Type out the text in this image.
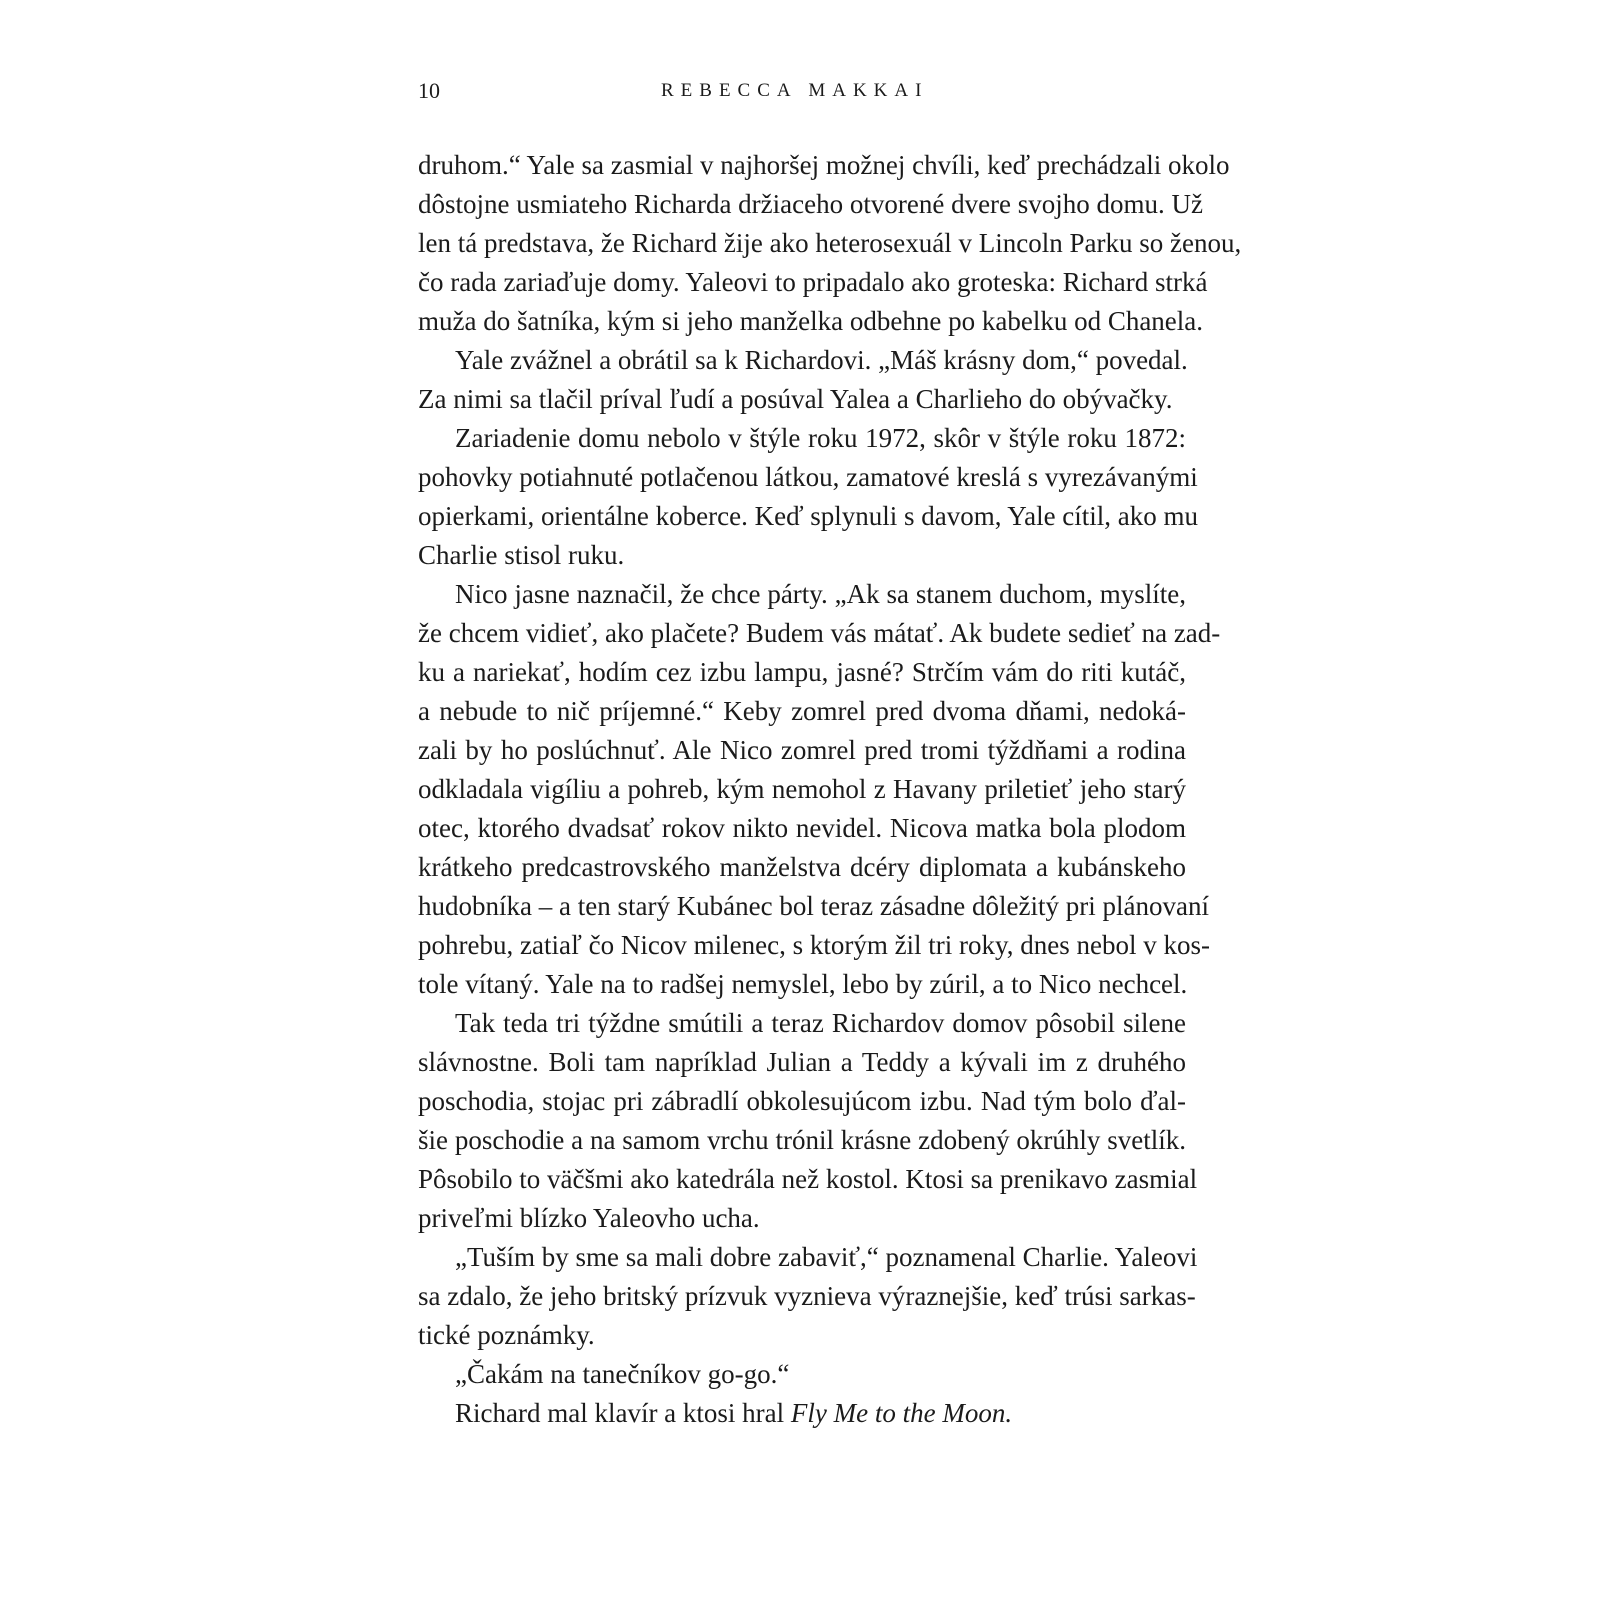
10	REBECCA MAKKAI
druhom.“ Yale sa zasmial v najhoršej možnej chvíli, keď prechádzali okolo
dôstojne usmiateho Richarda držiaceho otvorené dvere svojho domu. Už
len tá predstava, že Richard žije ako heterosexuál v Lincoln Parku so ženou,
čo rada zariaďuje domy. Yaleovi to pripadalo ako groteska: Richard strká
muža do šatníka, kým si jeho manželka odbehne po kabelku od Chanela.
Yale zvážnel a obrátil sa k Richardovi. „Máš krásny dom,“ povedal.
Za nimi sa tlačil príval ľudí a posúval Yalea a Charlieho do obývačky.
Zariadenie domu nebolo v štýle roku 1972, skôr v štýle roku 1872:
pohovky potiahnuté potlačenou látkou, zamatové kreslá s vyrezávanými
opierkami, orientálne koberce. Keď splynuli s davom, Yale cítil, ako mu
Charlie stisol ruku.
Nico jasne naznačil, že chce párty. „Ak sa stanem duchom, myslíte,
že chcem vidieť, ako plačete? Budem vás mátať. Ak budete sedieť na zad-
ku a nariekať, hodím cez izbu lampu, jasné? Strčím vám do riti kutáč,
a nebude to nič príjemné.“ Keby zomrel pred dvoma dňami, nedoká-
zali by ho poslúchnuť. Ale Nico zomrel pred tromi týždňami a rodina
odkladala vigíliu a pohreb, kým nemohol z Havany priletieť jeho starý
otec, ktorého dvadsať rokov nikto nevidel. Nicova matka bola plodom
krátkeho predcastrovského manželstva dcéry diplomata a kubánskeho
hudobníka – a ten starý Kubánec bol teraz zásadne dôležitý pri plánovaní
pohrebu, zatiaľ čo Nicov milenec, s ktorým žil tri roky, dnes nebol v kos-
tole vítaný. Yale na to radšej nemyslel, lebo by zúril, a to Nico nechcel.
Tak teda tri týždne smútili a teraz Richardov domov pôsobil silene
slávnostne. Boli tam napríklad Julian a Teddy a kývali im z druhého
poschodia, stojac pri zábradlí obkolesujúcom izbu. Nad tým bolo ďal-
šie poschodie a na samom vrchu trónil krásne zdobený okrúhly svetlík.
Pôsobilo to väčšmi ako katedrála než kostol. Ktosi sa prenikavo zasmial
priveľmi blízko Yaleovho ucha.
„Tuším by sme sa mali dobre zabaviť,“ poznamenal Charlie. Yaleovi
sa zdalo, že jeho britský prízvuk vyznieva výraznejšie, keď trúsi sarkas-
tické poznámky.
„Čakám na tanečníkov go-go.“
Richard mal klavír a ktosi hral Fly Me to the Moon.
